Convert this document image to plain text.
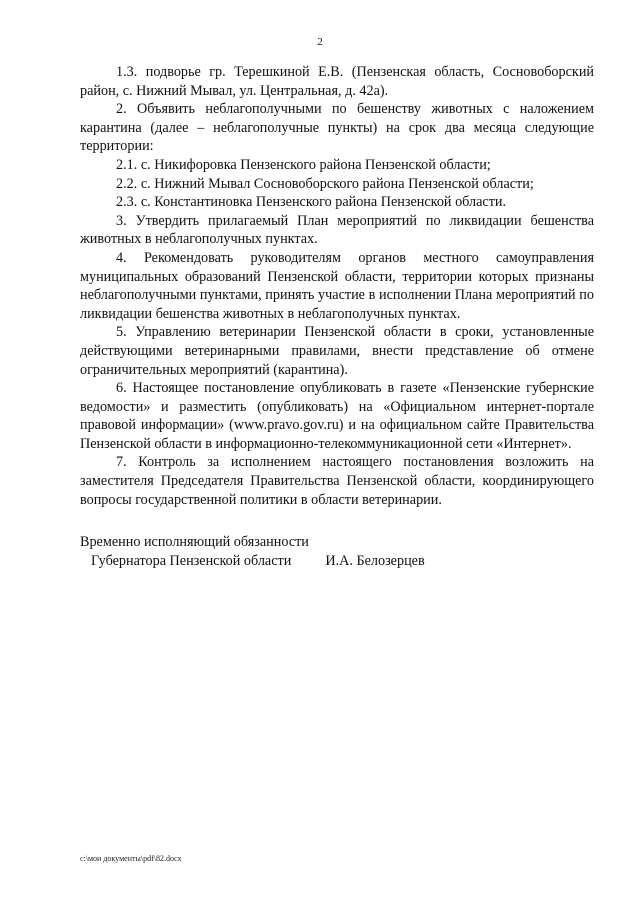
2

1.3. подворье гр. Терешкиной Е.В. (Пензенская область, Сосновоборский район, с. Нижний Мывал, ул. Центральная, д. 42а).

2. Объявить неблагополучными по бешенству животных с наложением карантина (далее – неблагополучные пункты) на срок два месяца следующие территории:

2.1. с. Никифоровка Пензенского района Пензенской области;

2.2. с. Нижний Мывал Сосновоборского района Пензенской области;

2.3. с. Константиновка Пензенского района Пензенской области.

3. Утвердить прилагаемый План мероприятий по ликвидации бешенства животных в неблагополучных пунктах.

4. Рекомендовать руководителям органов местного самоуправления муниципальных образований Пензенской области, территории которых признаны неблагополучными пунктами, принять участие в исполнении Плана мероприятий по ликвидации бешенства животных в неблагополучных пунктах.

5. Управлению ветеринарии Пензенской области в сроки, установленные действующими ветеринарными правилами, внести представление об отмене ограничительных мероприятий (карантина).

6. Настоящее постановление опубликовать в газете «Пензенские губернские ведомости» и разместить (опубликовать) на «Официальном интернет-портале правовой информации» (www.pravo.gov.ru) и на официальном сайте Правительства Пензенской области в информационно-телекоммуникационной сети «Интернет».

7. Контроль за исполнением настоящего постановления возложить на заместителя Председателя Правительства Пензенской области, координирующего вопросы государственной политики в области ветеринарии.

Временно исполняющий обязанности
Губернатора Пензенской области И.А. Белозерцев
c:\мои документы\pdf\82.docx
